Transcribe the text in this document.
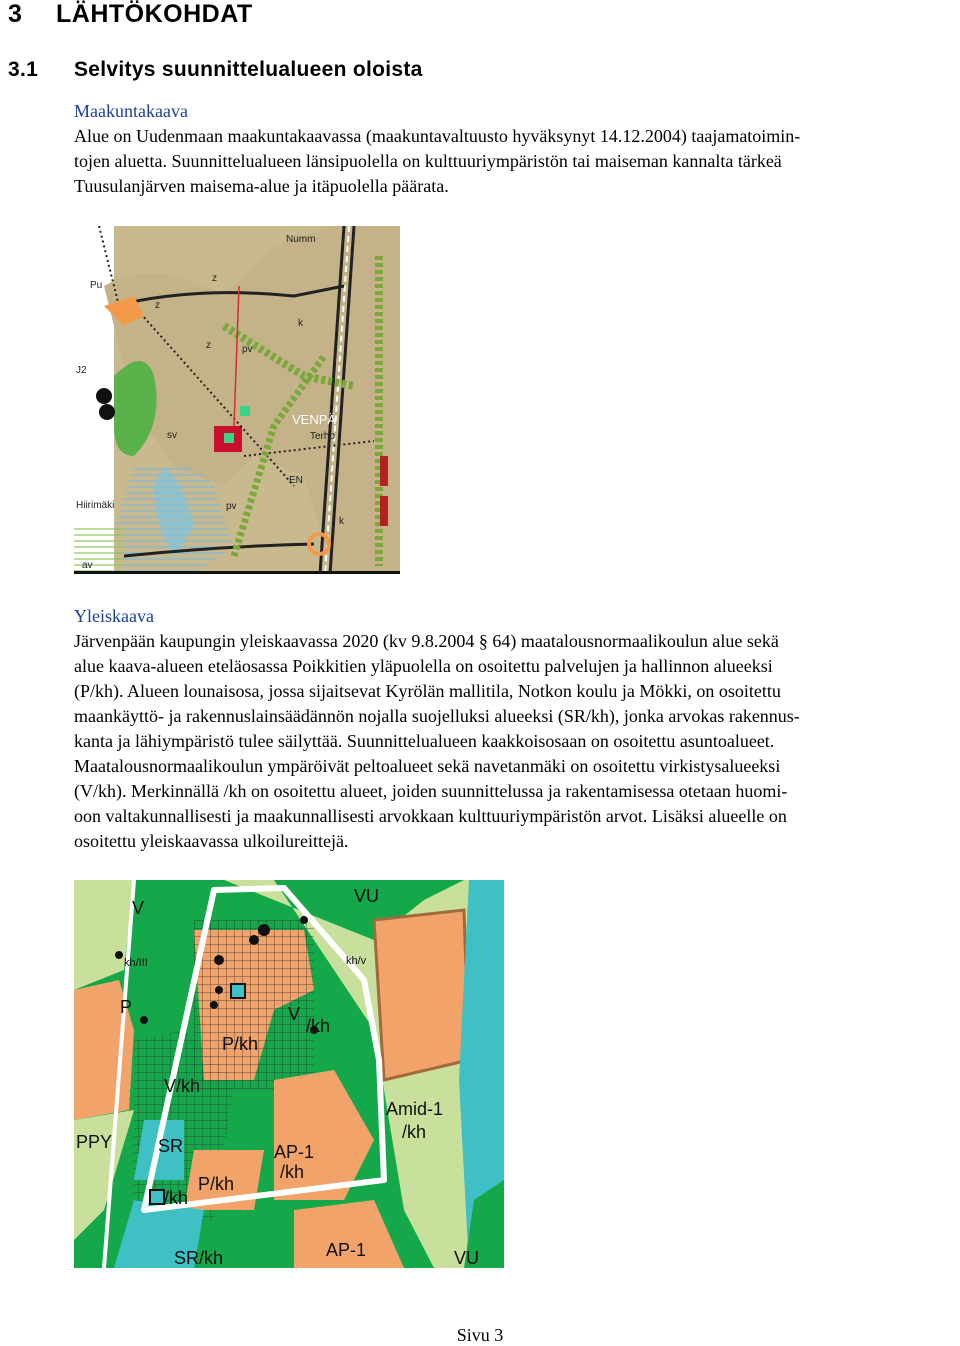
3 LÄHTÖKOHDAT
3.1 Selvitys suunnittelualueen oloista
Maakuntakaava
Alue on Uudenmaan maakuntakaavassa (maakuntavaltuusto hyväksynyt 14.12.2004) taajamatoimin-
tojen aluetta. Suunnittelualueen länsipuolella on kulttuuriympäristön tai maiseman kannalta tärkeä
Tuusulanjärven maisema-alue ja itäpuolella päärata.
Numm
Pu
z
z
k
z
pv
J2
sv
VENPÄ
Terho
EN
k
pv
Hiirimäki
av
Yleiskaava
Järvenpään kaupungin yleiskaavassa 2020 (kv 9.8.2004 § 64) maatalousnormaalikoulun alue sekä
alue kaava-alueen eteläosassa Poikkitien yläpuolella on osoitettu palvelujen ja hallinnon alueeksi
(P/kh). Alueen lounaisosa, jossa sijaitsevat Kyrölän mallitila, Notkon koulu ja Mökki, on osoitettu
maankäyttö- ja rakennuslainsäädännön nojalla suojelluksi alueeksi (SR/kh), jonka arvokas rakennus-
kanta ja lähiympäristö tulee säilyttää. Suunnittelualueen kaakkoisosaan on osoitettu asuntoalueet.
Maatalousnormaalikoulun ympäröivät peltoalueet sekä navetanmäki on osoitettu virkistysalueeksi
(V/kh). Merkinnällä /kh on osoitettu alueet, joiden suunnittelussa ja rakentamisessa otetaan huomi-
oon valtakunnallisesti ja maakunnallisesti arvokkaan kulttuuriympäristön arvot. Lisäksi alueelle on
osoitettu yleiskaavassa ulkoilureittejä.
V
VU
kh/III	kh/v
P	V
/kh
P/kh
V/kh
Amid-1
/kh
PPY	SR	AP-1
/kh
/kh
P/kh
SR/kh	AP-1	VU
Sivu 3
